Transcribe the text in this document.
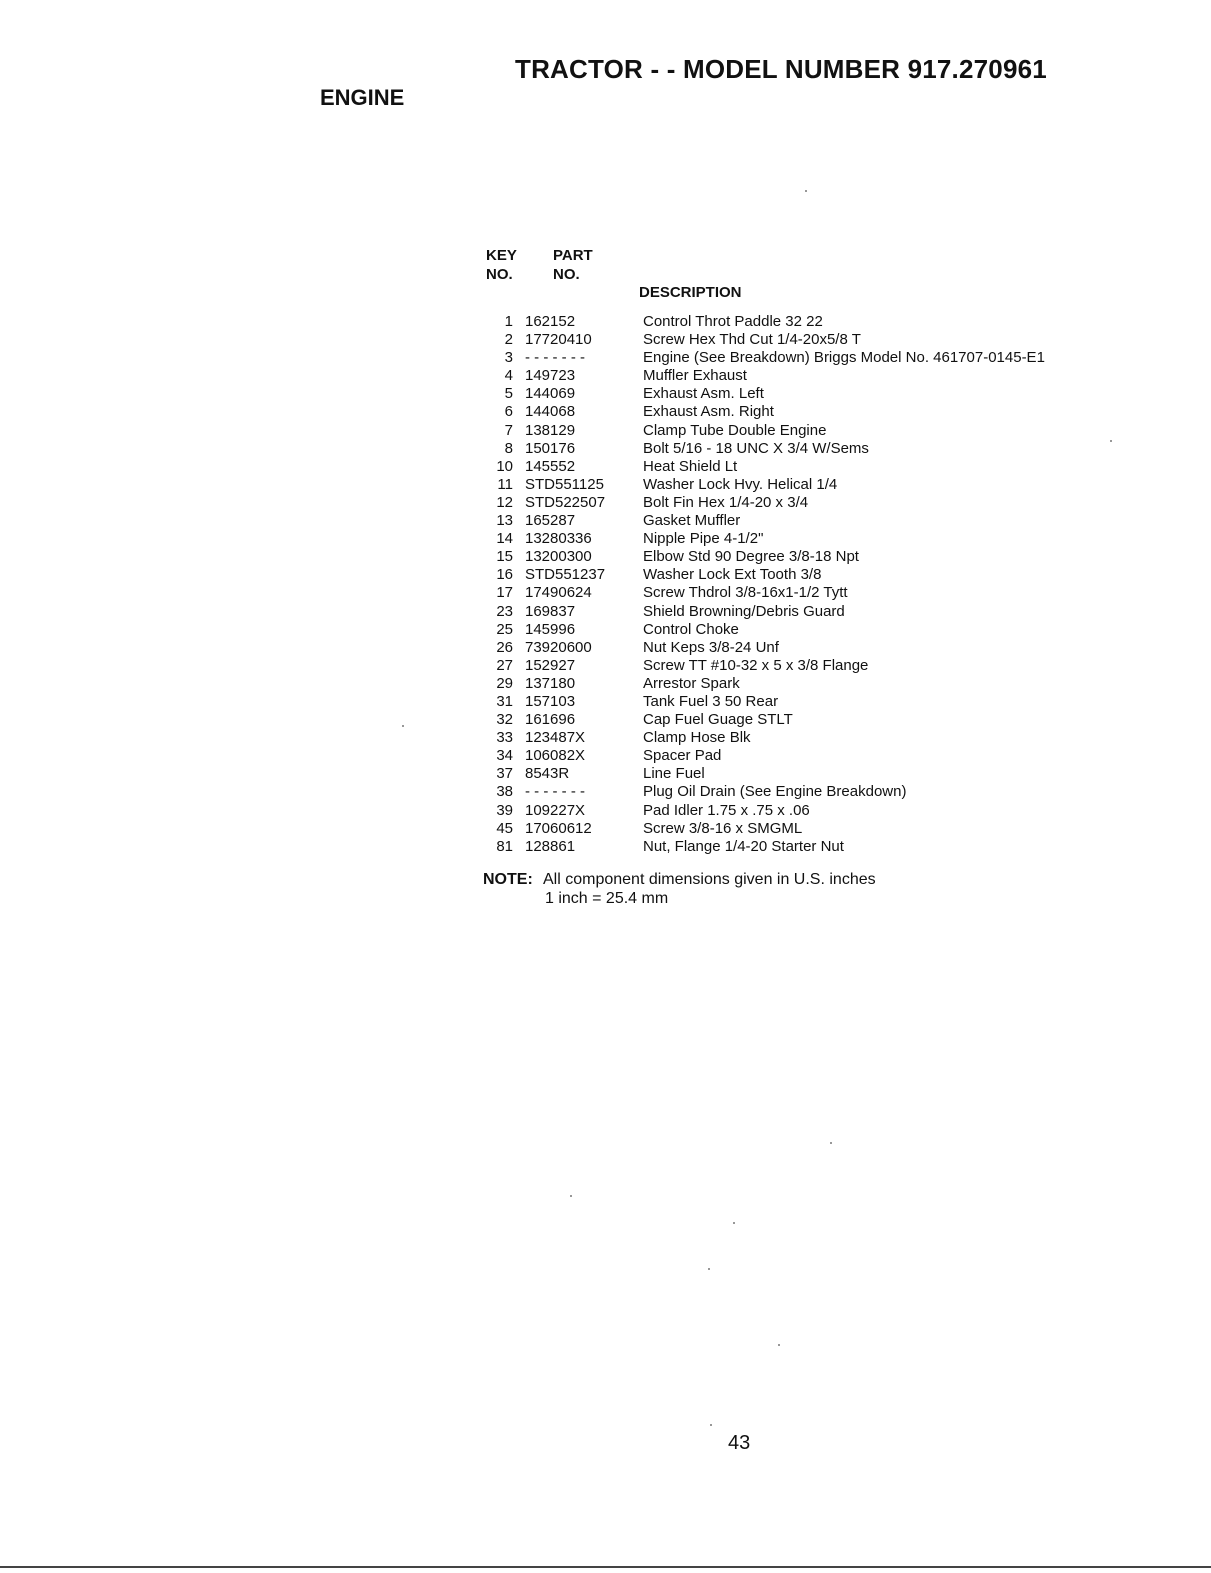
TRACTOR - - MODEL NUMBER 917.270961
ENGINE
KEY
NO.
PART
NO.
DESCRIPTION
1 162152	Control Throt Paddle 32 22
2 17720410	Screw Hex Thd Cut 1/4-20x5/8 T
3 - - - - - - -	Engine (See Breakdown) Briggs Model No. 461707-0145-E1
4 149723	Muffler Exhaust
5 144069	Exhaust Asm. Left
6 144068	Exhaust Asm. Right
7 138129	Clamp Tube Double Engine
8 150176	Bolt 5/16 - 18 UNC X 3/4 W/Sems
10 145552	Heat Shield Lt
11 STD551125	Washer Lock Hvy. Helical 1/4
12 STD522507	Bolt Fin Hex 1/4-20 x 3/4
13 165287	Gasket Muffler
14 13280336	Nipple Pipe 4-1/2"
15 13200300	Elbow Std 90 Degree 3/8-18 Npt
16 STD551237	Washer Lock Ext Tooth 3/8
17 17490624	Screw Thdrol 3/8-16x1-1/2 Tytt
23 169837	Shield Browning/Debris Guard
25 145996	Control Choke
26 73920600	Nut Keps 3/8-24 Unf
27 152927	Screw TT #10-32 x 5 x 3/8 Flange
29 137180	Arrestor Spark
31 157103	Tank Fuel 3 50 Rear
32 161696	Cap Fuel Guage STLT
33 123487X	Clamp Hose Blk
34 106082X	Spacer Pad
37 8543R	Line Fuel
38 - - - - - - -	Plug Oil Drain (See Engine Breakdown)
39 109227X	Pad Idler 1.75 x .75 x .06
45 17060612	Screw 3/8-16 x SMGML
81 128861	Nut, Flange 1/4-20 Starter Nut
NOTE: All component dimensions given in U.S. inches
1 inch = 25.4 mm
43
